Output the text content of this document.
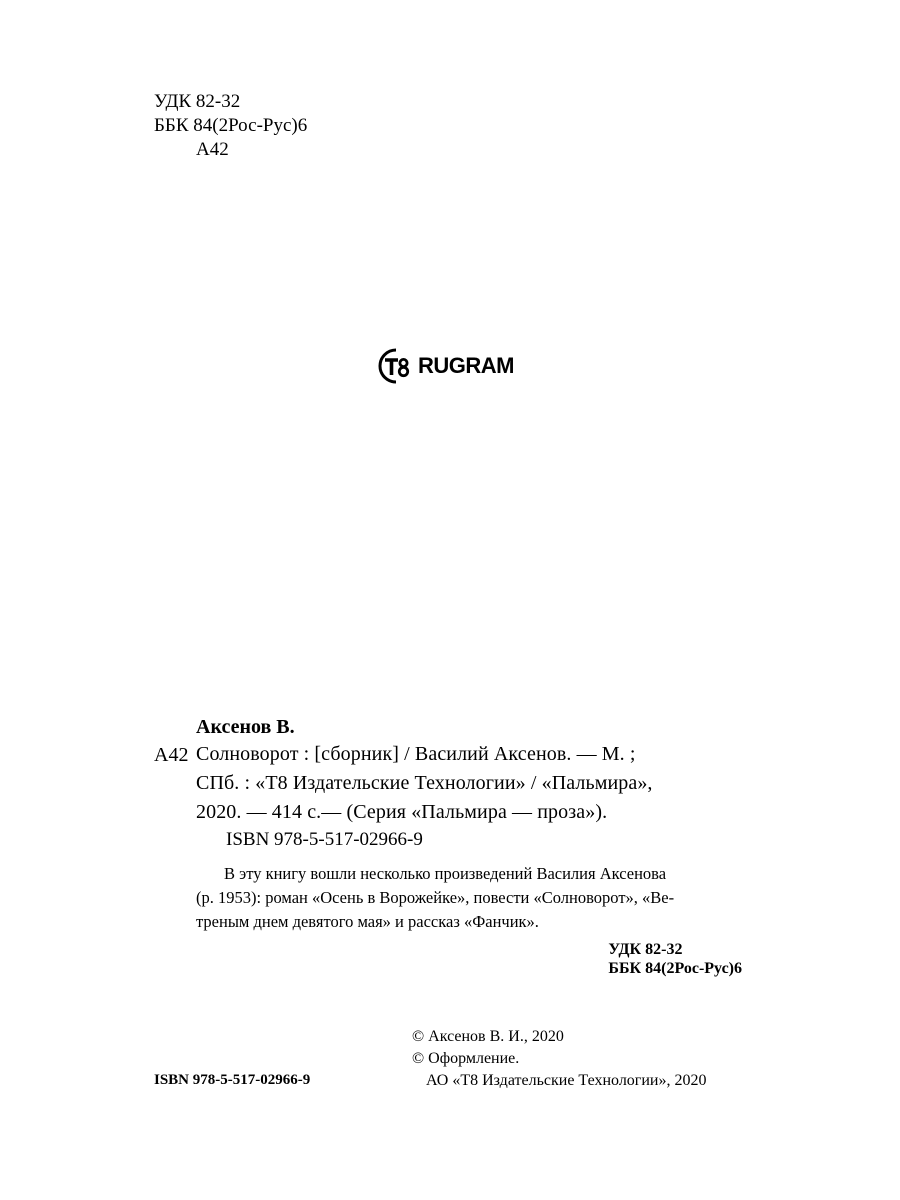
УДК 82-32
ББК 84(2Рос-Рус)6
А42
RUGRAM
Аксенов В.
А42 Солноворот : [сборник] / Василий Аксенов. — М. ;
СПб. : «Т8 Издательские Технологии» / «Пальмира»,
2020. — 414 с.— (Серия «Пальмира — проза»).
ISBN 978-5-517-02966-9
В эту книгу вошли несколько произведений Василия Аксенова
(р. 1953): роман «Осень в Ворожейке», повести «Солноворот», «Ве-
треным днем девятого мая» и рассказ «Фанчик».
УДК 82-32
ББК 84(2Рос-Рус)6
© Аксенов В. И., 2020
© Оформление.
АО «Т8 Издательские Технологии», 2020
ISBN 978-5-517-02966-9
